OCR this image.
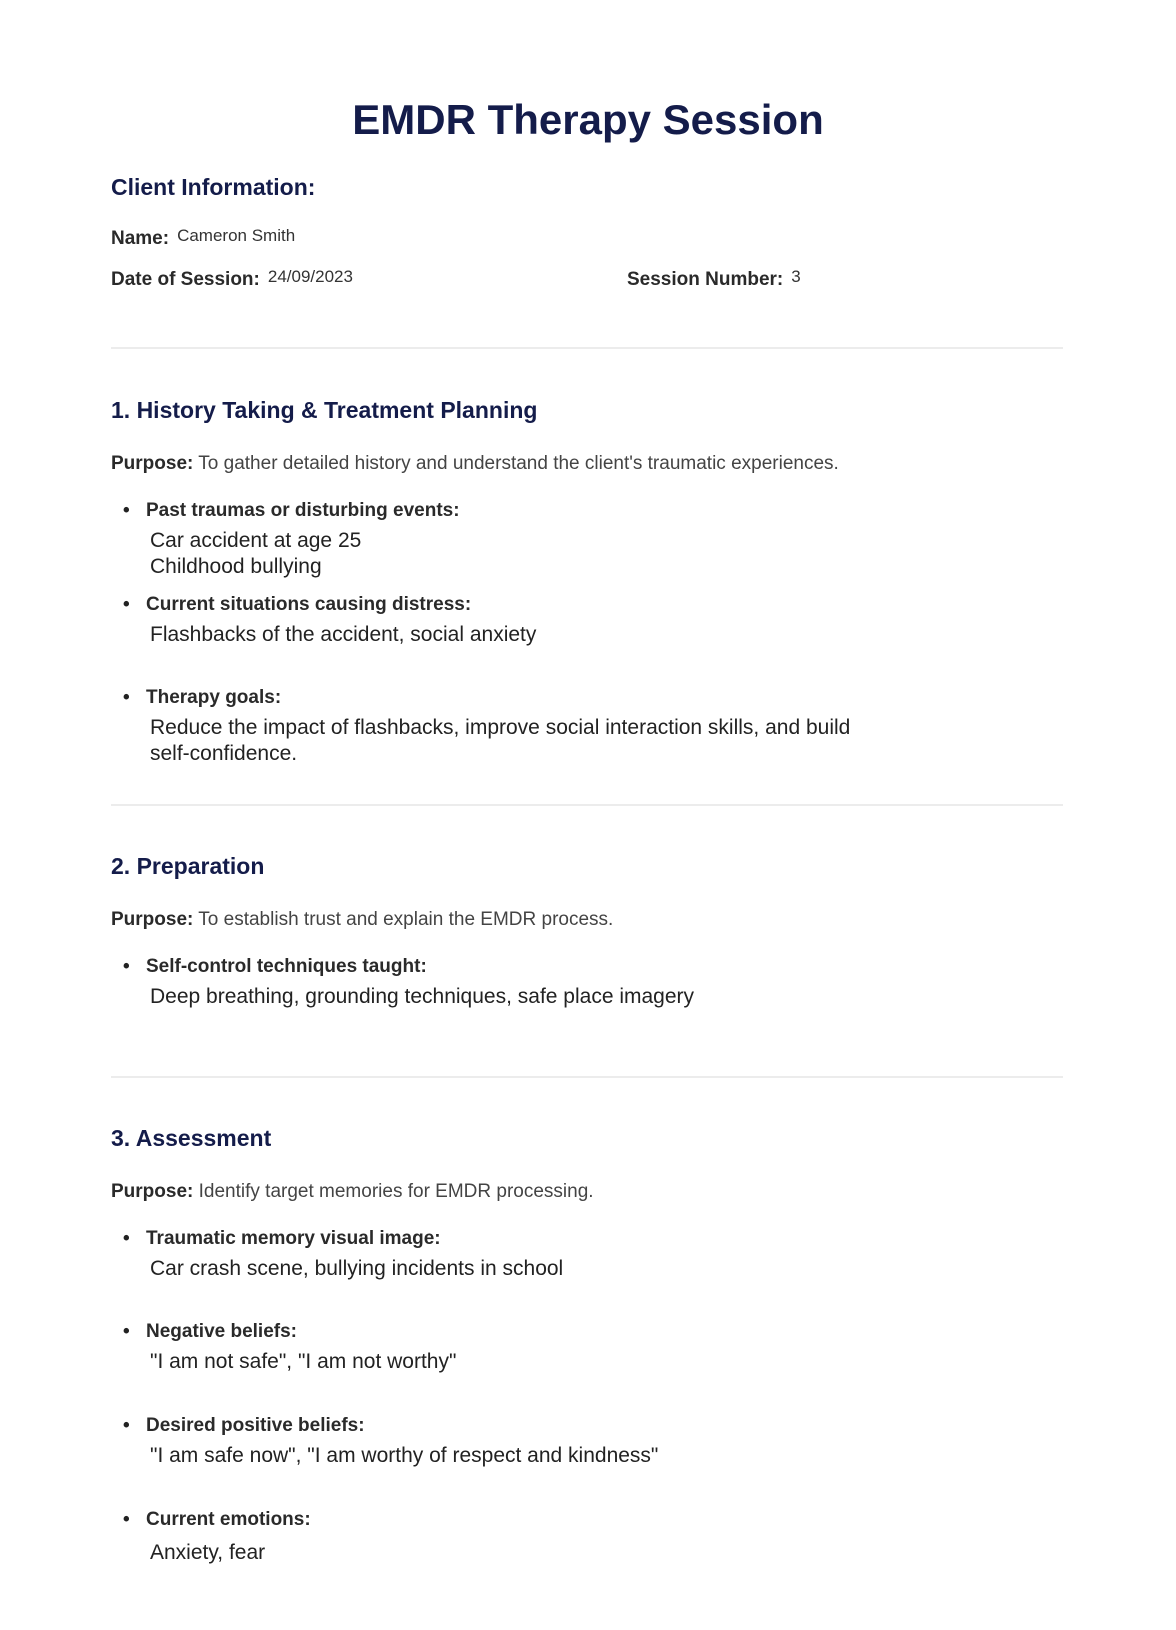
EMDR Therapy Session
Client Information:
Name: Cameron Smith
Date of Session: 24/09/2023	Session Number: 3
1. History Taking & Treatment Planning
Purpose: To gather detailed history and understand the client's traumatic experiences.
• Past traumas or disturbing events:
Car accident at age 25
Childhood bullying
• Current situations causing distress:
Flashbacks of the accident, social anxiety
• Therapy goals:
Reduce the impact of flashbacks, improve social interaction skills, and build
self-confidence.
2. Preparation
Purpose: To establish trust and explain the EMDR process.
• Self-control techniques taught:
Deep breathing, grounding techniques, safe place imagery
3. Assessment
Purpose: Identify target memories for EMDR processing.
• Traumatic memory visual image:
Car crash scene, bullying incidents in school
• Negative beliefs:
"I am not safe", "I am not worthy"
• Desired positive beliefs:
"I am safe now", "I am worthy of respect and kindness"
• Current emotions:
Anxiety, fear
